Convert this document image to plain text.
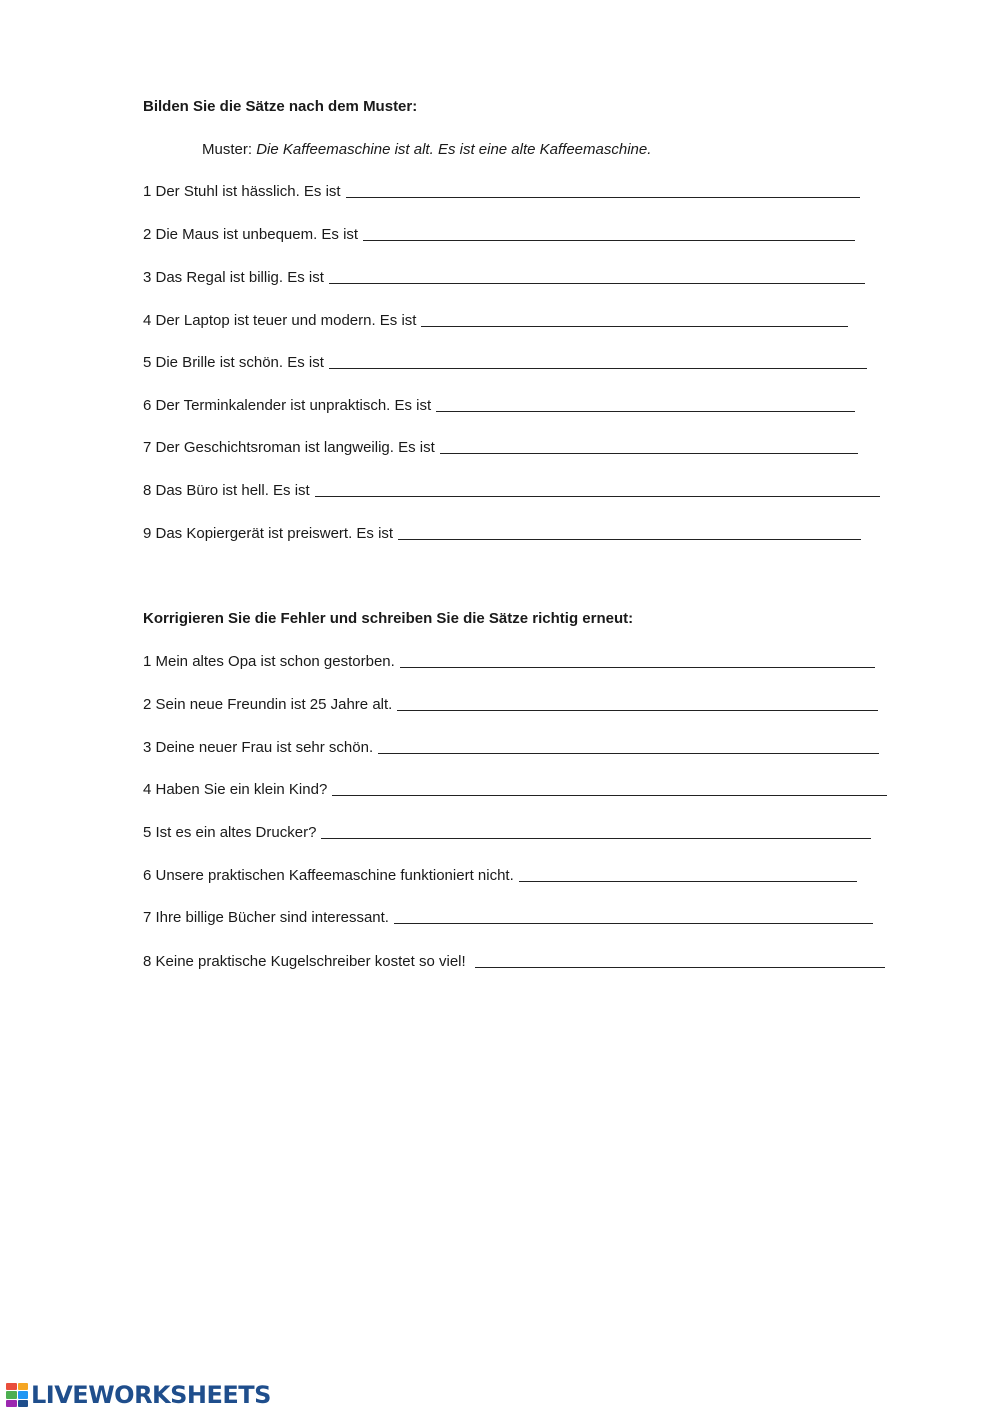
Bilden Sie die Sätze nach dem Muster:

Muster: Die Kaffeemaschine ist alt. Es ist eine alte Kaffeemaschine.
1 Der Stuhl ist hässlich. Es ist
2 Die Maus ist unbequem. Es ist
3 Das Regal ist billig. Es ist
4 Der Laptop ist teuer und modern. Es ist
5 Die Brille ist schön. Es ist
6 Der Terminkalender ist unpraktisch. Es ist
7 Der Geschichtsroman ist langweilig. Es ist
8 Das Büro ist hell. Es ist
9 Das Kopiergerät ist preiswert. Es ist

Korrigieren Sie die Fehler und schreiben Sie die Sätze richtig erneut:

1 Mein altes Opa ist schon gestorben.
2 Sein neue Freundin ist 25 Jahre alt.
3 Deine neuer Frau ist sehr schön.
4 Haben Sie ein klein Kind?
5 Ist es ein altes Drucker?
6 Unsere praktischen Kaffeemaschine funktioniert nicht.
7 Ihre billige Bücher sind interessant.
8 Keine praktische Kugelschreiber kostet so viel!
LIVEWORKSHEETS
